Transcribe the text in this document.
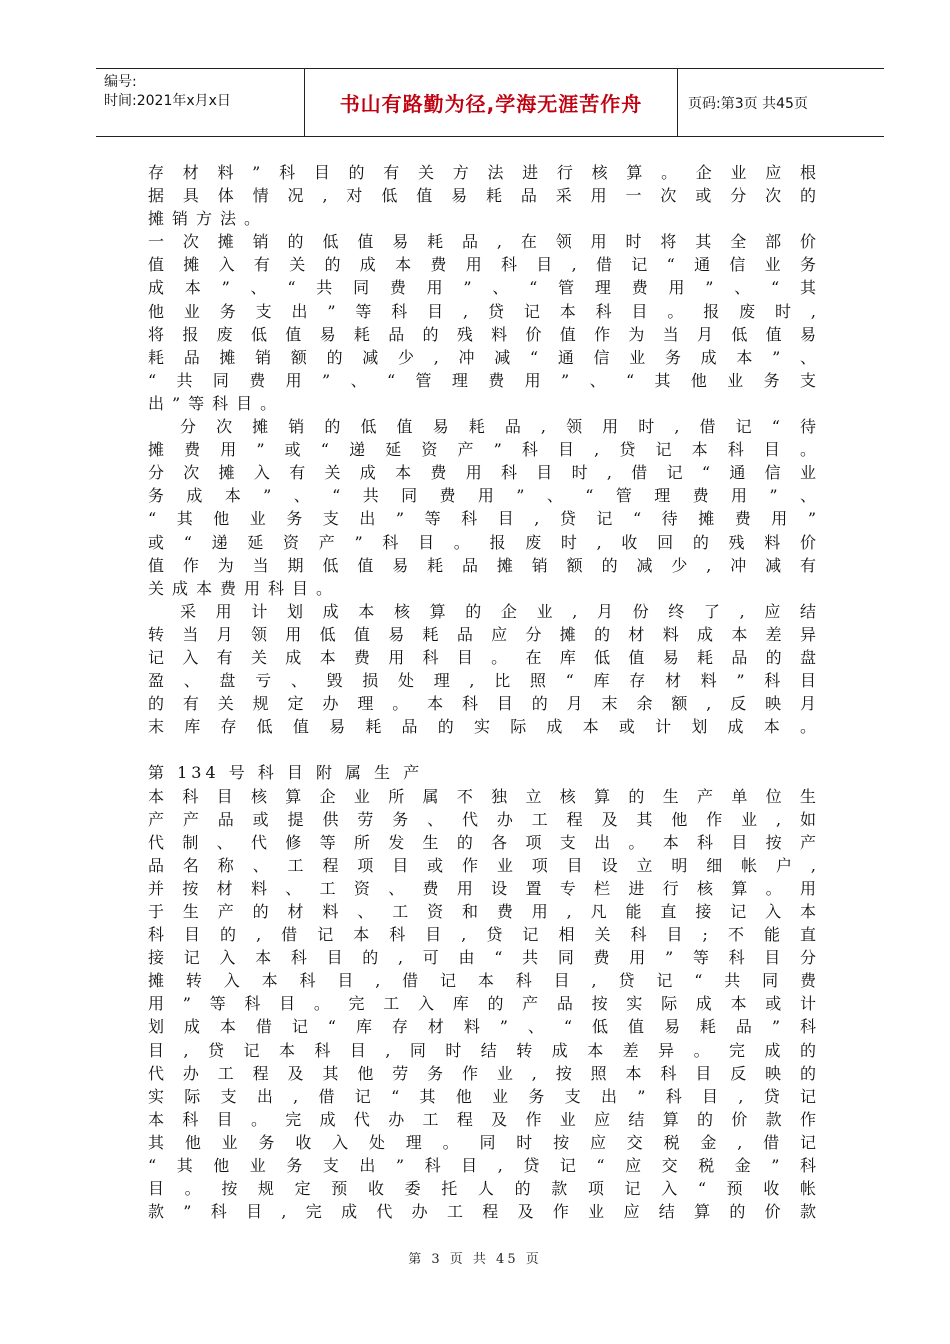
编号:
时间:2021年x月x日	书山有路勤为径,学海无涯苦作舟	页码:第3页 共45页
存材料”科目的有关方法进行核算。企业应根
据具体情况,对低值易耗品采用一次或分次的
摊销方法。
一次摊销的低值易耗品,在领用时将其全部价
值摊入有关的成本费用科目,借记“通信业务
成本”、“共同费用”、“管理费用”、“其
他业务支出”等科目,贷记本科目。报废时,
将报废低值易耗品的残料价值作为当月低值易
耗品摊销额的减少,冲减“通信业务成本”、
“共同费用”、“管理费用”、“其他业务支
出”等科目。
分次摊销的低值易耗品,领用时,借记“待
摊费用”或“递延资产”科目,贷记本科目。
分次摊入有关成本费用科目时,借记“通信业
务成本”、“共同费用”、“管理费用”、
“其他业务支出”等科目,贷记“待摊费用”
或“递延资产”科目。报废时,收回的残料价
值作为当期低值易耗品摊销额的减少,冲减有
关成本费用科目。
采用计划成本核算的企业,月份终了,应结
转当月领用低值易耗品应分摊的材料成本差异
记入有关成本费用科目。在库低值易耗品的盘
盈、盘亏、毁损处理,比照“库存材料”科目
的有关规定办理。本科目的月末余额,反映月
末库存低值易耗品的实际成本或计划成本。
第 134 号 科 目 附 属 生 产
本科目核算企业所属不独立核算的生产单位生
产产品或提供劳务、代办工程及其他作业,如
代制、代修等所发生的各项支出。本科目按产
品名称、工程项目或作业项目设立明细帐户,
并按材料、工资、费用设置专栏进行核算。用
于生产的材料、工资和费用,凡能直接记入本
科目的,借记本科目,贷记相关科目;不能直
接记入本科目的,可由“共同费用”等科目分
摊转入本科目,借记本科目,贷记“共同费
用”等科目。完工入库的产品按实际成本或计
划成本借记“库存材料”、“低值易耗品”科
目,贷记本科目,同时结转成本差异。完成的
代办工程及其他劳务作业,按照本科目反映的
实际支出,借记“其他业务支出”科目,贷记
本科目。完成代办工程及作业应结算的价款作
其他业务收入处理。同时按应交税金,借记
“其他业务支出”科目,贷记“应交税金”科
目。按规定预收委托人的款项记入“预收帐
款”科目,完成代办工程及作业应结算的价款
第 3 页 共 45 页
